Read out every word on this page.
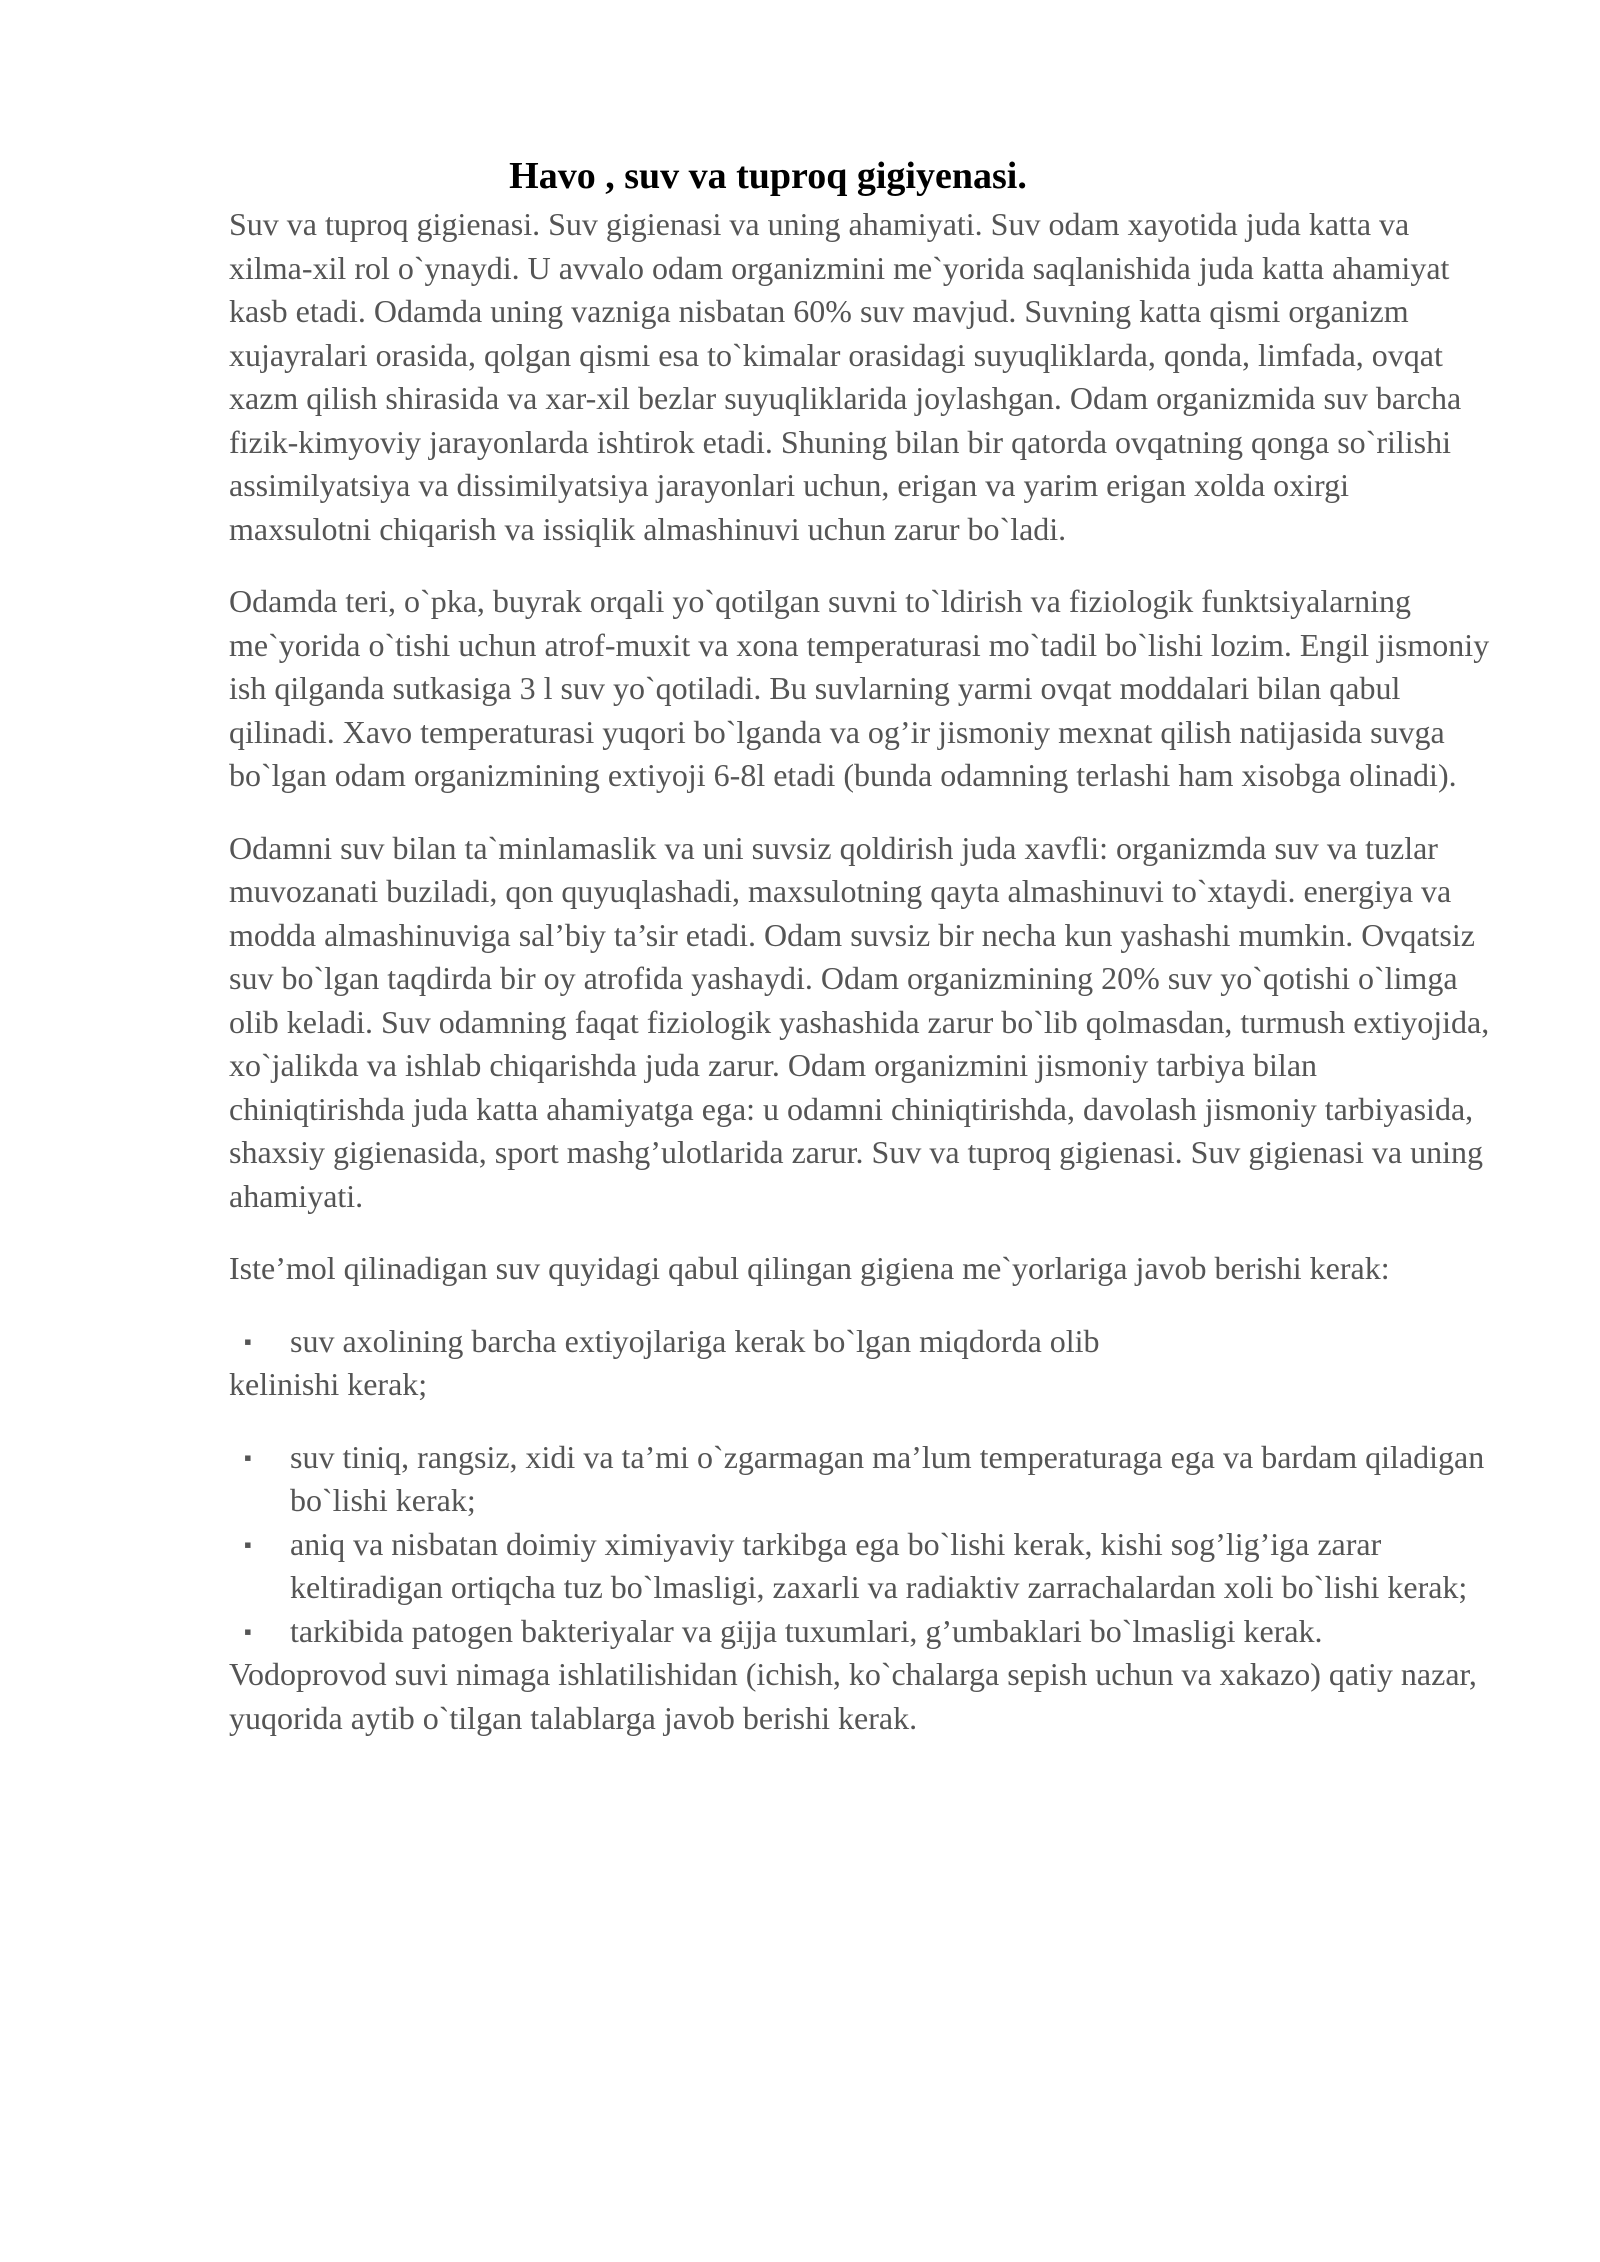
Havo , suv va tuproq gigiyenasi.

Suv va tuproq gigienasi. Suv gigienasi va uning ahamiyati. Suv odam xayotida juda katta va xilma-xil rol o`ynaydi. U avvalo odam organizmini me`yorida saqlanishida juda katta ahamiyat kasb etadi. Odamda uning vazniga nisbatan 60% suv mavjud. Suvning katta qismi organizm xujayralari orasida, qolgan qismi esa to`kimalar orasidagi suyuqliklarda, qonda, limfada, ovqat xazm qilish shirasida va xar-xil bezlar suyuqliklarida joylashgan. Odam organizmida suv barcha fizik-kimyoviy jarayonlarda ishtirok etadi. Shuning bilan bir qatorda ovqatning qonga so`rilishi assimilyatsiya va dissimilyatsiya jarayonlari uchun, erigan va yarim erigan xolda oxirgi maxsulotni chiqarish va issiqlik almashinuvi uchun zarur bo`ladi.

Odamda teri, o`pka, buyrak orqali yo`qotilgan suvni to`ldirish va fiziologik funktsiyalarning me`yorida o`tishi uchun atrof-muxit va xona temperaturasi mo`tadil bo`lishi lozim. Engil jismoniy ish qilganda sutkasiga 3 l suv yo`qotiladi. Bu suvlarning yarmi ovqat moddalari bilan qabul qilinadi. Xavo temperaturasi yuqori bo`lganda va og’ir jismoniy mexnat qilish natijasida suvga bo`lgan odam organizmining extiyoji 6-8l etadi (bunda odamning terlashi ham xisobga olinadi).

Odamni suv bilan ta`minlamaslik va uni suvsiz qoldirish juda xavfli: organizmda suv va tuzlar muvozanati buziladi, qon quyuqlashadi, maxsulotning qayta almashinuvi to`xtaydi. energiya va modda almashinuviga sal’biy ta’sir etadi. Odam suvsiz bir necha kun yashashi mumkin. Ovqatsiz suv bo`lgan taqdirda bir oy atrofida yashaydi. Odam organizmining 20% suv yo`qotishi o`limga olib keladi. Suv odamning faqat fiziologik yashashida zarur bo`lib qolmasdan, turmush extiyojida, xo`jalikda va ishlab chiqarishda juda zarur. Odam organizmini jismoniy tarbiya bilan chiniqtirishda juda katta ahamiyatga ega: u odamni chiniqtirishda, davolash jismoniy tarbiyasida, shaxsiy gigienasida, sport mashg’ulotlarida zarur. Suv va tuproq gigienasi. Suv gigienasi va uning ahamiyati.

Iste’mol qilinadigan suv quyidagi qabul qilingan gigiena me`yorlariga javob berishi kerak:

▪ suv axolining barcha extiyojlariga kerak bo`lgan miqdorda olib

kelinishi kerak;

▪ suv tiniq, rangsiz, xidi va ta’mi o`zgarmagan ma’lum temperaturaga ega va bardam qiladigan bo`lishi kerak;
▪ aniq va nisbatan doimiy ximiyaviy tarkibga ega bo`lishi kerak, kishi sog’lig’iga zarar keltiradigan ortiqcha tuz bo`lmasligi, zaxarli va radiaktiv zarrachalardan xoli bo`lishi kerak;
▪ tarkibida patogen bakteriyalar va gijja tuxumlari, g’umbaklari bo`lmasligi kerak.

Vodoprovod suvi nimaga ishlatilishidan (ichish, ko`chalarga sepish uchun va xakazo) qatiy nazar, yuqorida aytib o`tilgan talablarga javob berishi kerak.
